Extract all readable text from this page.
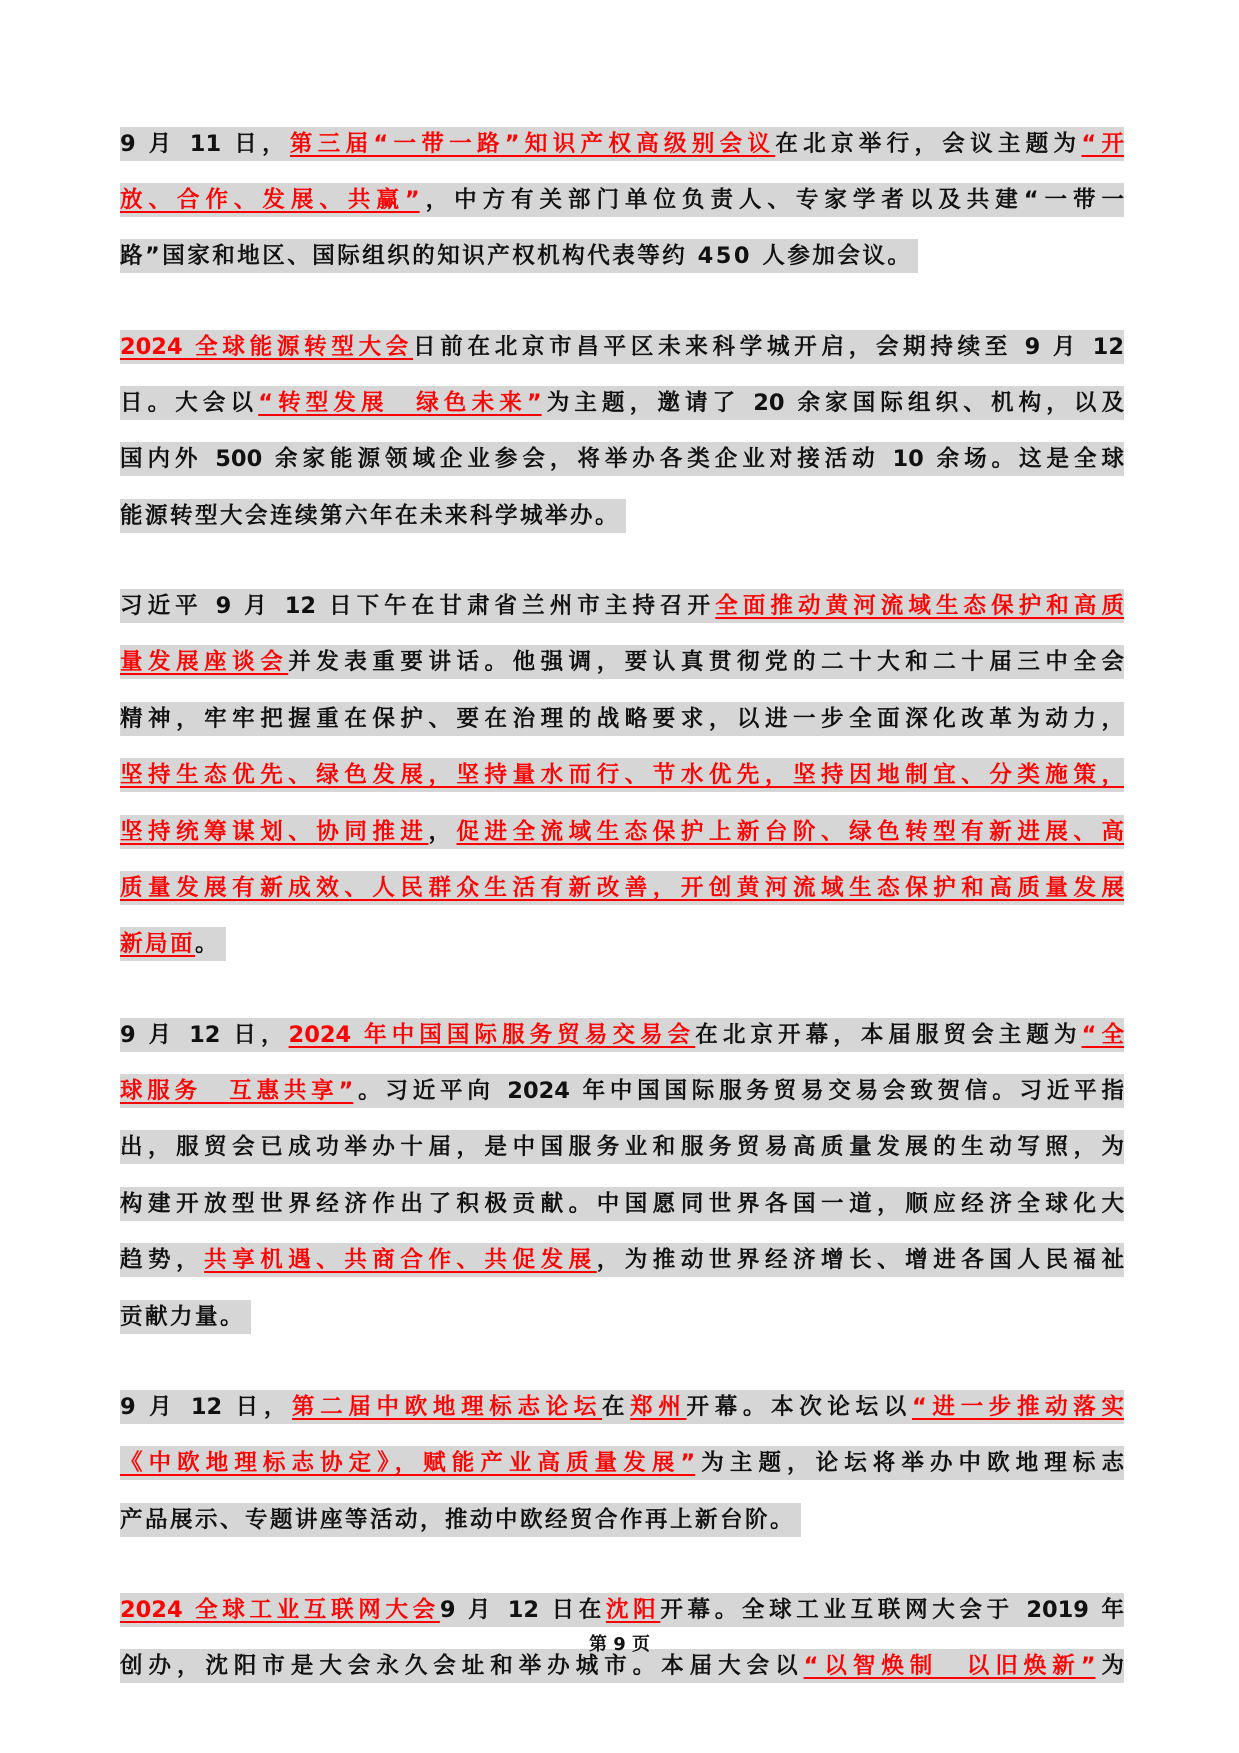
9 月 11 日，第三届“一带一路”知识产权高级别会议在北京举行，会议主题为“开
放、合作、发展、共赢”，中方有关部门单位负责人、专家学者以及共建“一带一
路”国家和地区、国际组织的知识产权机构代表等约 450 人参加会议。
2024 全球能源转型大会日前在北京市昌平区未来科学城开启，会期持续至 9 月 12
日。大会以“转型发展　绿色未来”为主题，邀请了 20 余家国际组织、机构，以及
国内外 500 余家能源领域企业参会，将举办各类企业对接活动 10 余场。这是全球
能源转型大会连续第六年在未来科学城举办。
习近平 9 月 12 日下午在甘肃省兰州市主持召开全面推动黄河流域生态保护和高质
量发展座谈会并发表重要讲话。他强调，要认真贯彻党的二十大和二十届三中全会
精神，牢牢把握重在保护、要在治理的战略要求，以进一步全面深化改革为动力，
坚持生态优先、绿色发展，坚持量水而行、节水优先，坚持因地制宜、分类施策，
坚持统筹谋划、协同推进，促进全流域生态保护上新台阶、绿色转型有新进展、高
质量发展有新成效、人民群众生活有新改善，开创黄河流域生态保护和高质量发展
新局面。
9 月 12 日，2024 年中国国际服务贸易交易会在北京开幕，本届服贸会主题为“全
球服务　互惠共享”。习近平向 2024 年中国国际服务贸易交易会致贺信。习近平指
出，服贸会已成功举办十届，是中国服务业和服务贸易高质量发展的生动写照，为
构建开放型世界经济作出了积极贡献。中国愿同世界各国一道，顺应经济全球化大
趋势，共享机遇、共商合作、共促发展，为推动世界经济增长、增进各国人民福祉
贡献力量。
9 月 12 日，第二届中欧地理标志论坛在郑州开幕。本次论坛以“进一步推动落实
《中欧地理标志协定》，赋能产业高质量发展”为主题，论坛将举办中欧地理标志
产品展示、专题讲座等活动，推动中欧经贸合作再上新台阶。
2024 全球工业互联网大会9 月 12 日在沈阳开幕。全球工业互联网大会于 2019 年
创办，沈阳市是大会永久会址和举办城市。本届大会以“以智焕制　以旧焕新”为
第 9 页
